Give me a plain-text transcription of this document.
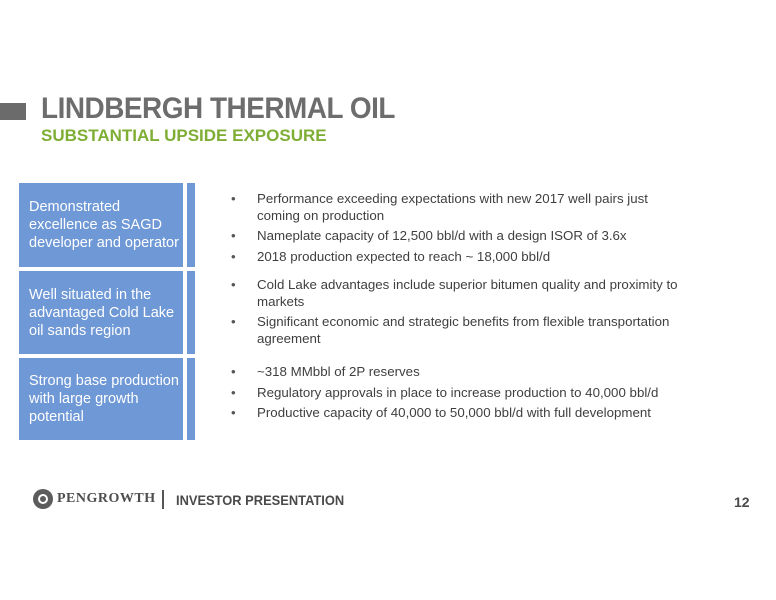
LINDBERGH THERMAL OIL
SUBSTANTIAL UPSIDE EXPOSURE
Demonstrated excellence as SAGD developer and operator
• Performance exceeding expectations with new 2017 well pairs just coming on production
• Nameplate capacity of 12,500 bbl/d with a design ISOR of 3.6x
• 2018 production expected to reach ~ 18,000 bbl/d
Well situated in the advantaged Cold Lake oil sands region
• Cold Lake advantages include superior bitumen quality and proximity to markets
• Significant economic and strategic benefits from flexible transportation agreement
Strong base production with large growth potential
• ~318 MMbbl of 2P reserves
• Regulatory approvals in place to increase production to 40,000 bbl/d
• Productive capacity of 40,000 to 50,000 bbl/d with full development
PENGROWTH INVESTOR PRESENTATION	12
